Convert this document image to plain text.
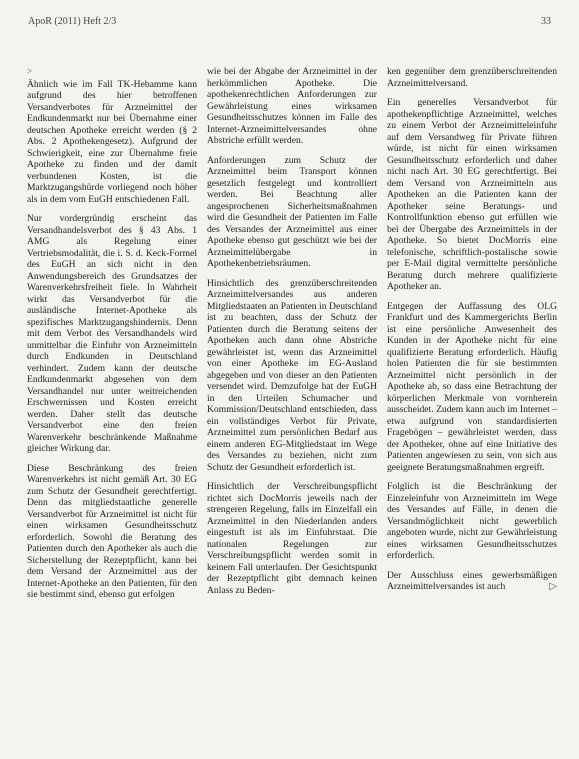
ApoR (2011) Heft 2/3	33
>

Ähnlich wie im Fall TK-Hebamme kann aufgrund des hier betroffenen Versandverbotes für Arzneimittel der Endkundenmarkt nur bei Übernahme einer deutschen Apotheke erreicht werden (§ 2 Abs. 2 Apothekengesetz). Aufgrund der Schwierigkeit, eine zur Übernahme freie Apotheke zu finden und der damit verbundenen Kosten, ist die Marktzugangshürde vorliegend noch höher als in dem vom EuGH entschiedenen Fall.

Nur vordergründig erscheint das Versandhandelsverbot des § 43 Abs. 1 AMG als Regelung einer Vertriebsmodalität, die i. S. d. Keck-Formel des EuGH an sich nicht in den Anwendungsbereich des Grundsatzes der Warenverkehrsfreiheit fiele. In Wahrheit wirkt das Versandverbot für die ausländische Internet-Apotheke als spezifisches Marktzugangshindernis. Denn mit dem Verbot des Versandhandels wird unmittelbar die Einfuhr von Arzneimitteln durch Endkunden in Deutschland verhindert. Zudem kann der deutsche Endkundenmarkt abgesehen von dem Versandhandel nur unter weitreichenden Erschwernissen und Kosten erreicht werden. Daher stellt das deutsche Versandverbot eine den freien Warenverkehr beschränkende Maßnahme gleicher Wirkung dar.

Diese Beschränkung des freien Warenverkehrs ist nicht gemäß Art. 30 EG zum Schutz der Gesundheit gerechtfertigt. Denn das mitgliedstaatliche generelle Versandverbot für Arzneimittel ist nicht für einen wirksamen Gesundheitsschutz erforderlich. Sowohl die Beratung des Patienten durch den Apotheker als auch die Sicherstellung der Rezeptpflicht, kann bei dem Versand der Arzneimittel aus der Internet-Apotheke an den Patienten, für den sie bestimmt sind, ebenso gut erfolgen

wie bei der Abgabe der Arzneimittel in der herkömmlichen Apotheke. Die apothekenrechtlichen Anforderungen zur Gewährleistung eines wirksamen Gesundheitsschutzes können im Falle des Internet-Arzneimittelversandes ohne Abstriche erfüllt werden.

Anforderungen zum Schutz der Arzneimittel beim Transport können gesetzlich festgelegt und kontrolliert werden. Bei Beachtung aller angesprochenen Sicherheitsmaßnahmen wird die Gesundheit der Patienten im Falle des Versandes der Arzneimittel aus einer Apotheke ebenso gut geschützt wie bei der Arzneimittelübergabe in Apothekenbetriebsräumen.

Hinsichtlich des grenzüberschreitenden Arzneimittelversandes aus anderen Mitgliedstaaten an Patienten in Deutschland ist zu beachten, dass der Schutz der Patienten durch die Beratung seitens der Apotheken auch dann ohne Abstriche gewährleistet ist, wenn das Arzneimittel von einer Apotheke im EG-Ausland abgegeben und von dieser an den Patienten versendet wird. Demzufolge hat der EuGH in den Urteilen Schumacher und Kommission/Deutschland entschieden, dass ein vollständiges Verbot für Private, Arzneimittel zum persönlichen Bedarf aus einem anderen EG-Mitgliedstaat im Wege des Versandes zu beziehen, nicht zum Schutz der Gesundheit erforderlich ist.

Hinsichtlich der Verschreibungspflicht richtet sich DocMorris jeweils nach der strengeren Regelung, falls im Einzelfall ein Arzneimittel in den Niederlanden anders eingestuft ist als im Einfuhrstaat. Die nationalen Regelungen zur Verschreibungspflicht werden somit in keinem Fall unterlaufen. Der Gesichtspunkt der Rezeptpflicht gibt demnach keinen Anlass zu Beden-

ken gegenüber dem grenzüberschreitenden Arzneimittelversand.

Ein generelles Versandverbot für apothekenpflichtige Arzneimittel, welches zu einem Verbot der Arzneimitteleinfuhr auf dem Versandweg für Private führen würde, ist nicht für einen wirksamen Gesundheitsschutz erforderlich und daher nicht nach Art. 30 EG gerechtfertigt. Bei dem Versand von Arzneimitteln aus Apotheken an die Patienten kann der Apotheker seine Beratungs- und Kontrollfunktion ebenso gut erfüllen wie bei der Übergabe des Arzneimittels in der Apotheke. So bietet DocMorris eine telefonische, schriftlich-postalische sowie per E-Mail digital vermittelte persönliche Beratung durch mehrere qualifizierte Apotheker an.

Entgegen der Auffassung des OLG Frankfurt und des Kammergerichts Berlin ist eine persönliche Anwesenheit des Kunden in der Apotheke nicht für eine qualifizierte Beratung erforderlich. Häufig holen Patienten die für sie bestimmten Arzneimittel nicht persönlich in der Apotheke ab, so dass eine Betrachtung der körperlichen Merkmale von vornherein ausscheidet. Zudem kann auch im Internet – etwa aufgrund von standardisierten Fragebögen – gewährleistet werden, dass der Apotheker, ohne auf eine Initiative des Patienten angewiesen zu sein, von sich aus geeignete Beratungsmaßnahmen ergreift.

Folglich ist die Beschränkung der Einzeleinfuhr von Arzneimitteln im Wege des Versandes auf Fälle, in denen die Versandmöglichkeit nicht gewerblich angeboten wurde, nicht zur Gewährleistung eines wirksamen Gesundheitsschutzes erforderlich.

Der Ausschluss eines gewerbsmäßigen Arzneimittelversandes ist auch	▷
